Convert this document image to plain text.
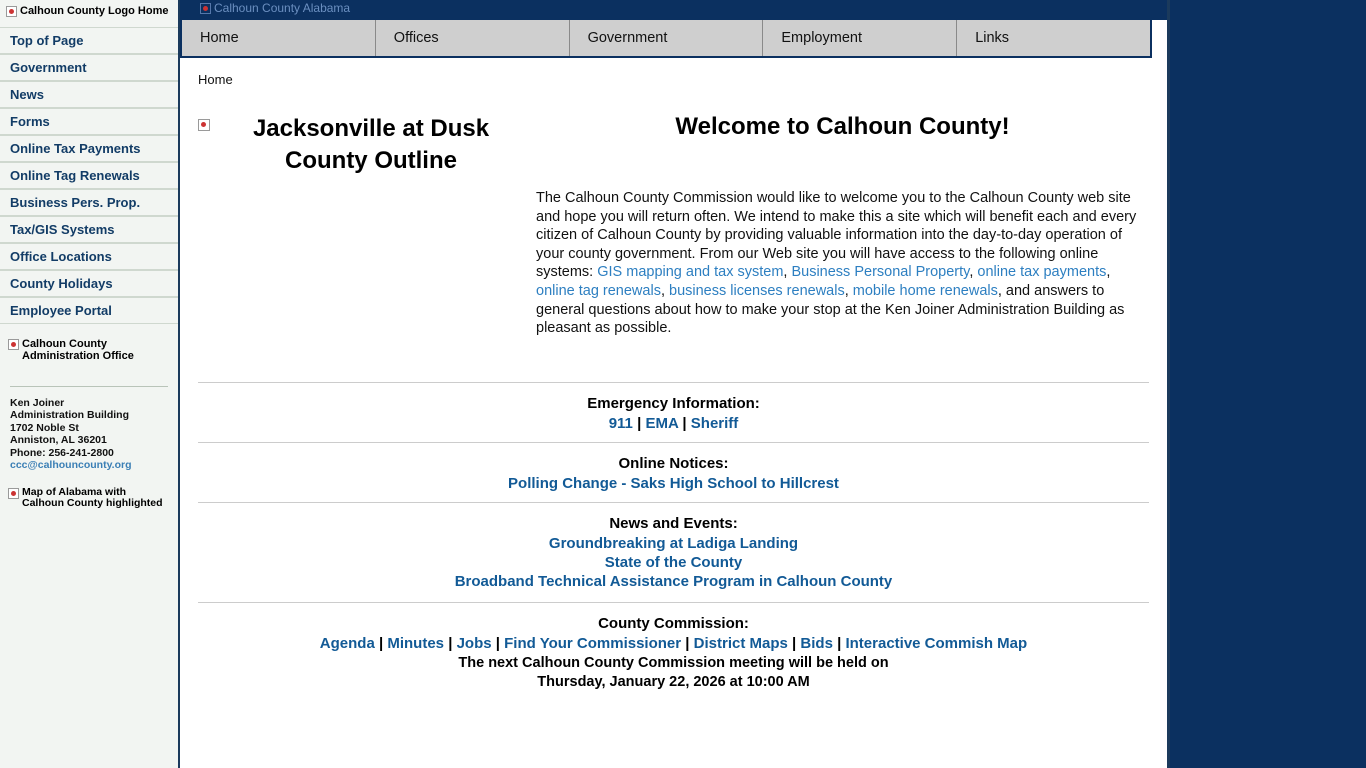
Calhoun County Logo Home
Top of Page
Government
News
Forms
Online Tax Payments
Online Tag Renewals
Business Pers. Prop.
Tax/GIS Systems
Office Locations
County Holidays
Employee Portal
Calhoun County Administration Office
Ken Joiner
Administration Building
1702 Noble St
Anniston, AL 36201
Phone: 256-241-2800
ccc@calhouncounty.org
Map of Alabama with Calhoun County highlighted
Calhoun County Alabama
Home	Offices	Government	Employment	Links
Home
Jacksonville at Dusk County Outline
Welcome to Calhoun County!

The Calhoun County Commission would like to welcome you to the Calhoun County web site and hope you will return often. We intend to make this a site which will benefit each and every citizen of Calhoun County by providing valuable information into the day-to-day operation of your county government. From our Web site you will have access to the following online systems: GIS mapping and tax system, Business Personal Property, online tax payments, online tag renewals, business licenses renewals, mobile home renewals, and answers to general questions about how to make your stop at the Ken Joiner Administration Building as pleasant as possible.

Emergency Information:
911 | EMA | Sheriff
Online Notices:
Polling Change - Saks High School to Hillcrest
News and Events:
Groundbreaking at Ladiga Landing
State of the County
Broadband Technical Assistance Program in Calhoun County
County Commission:
Agenda | Minutes | Jobs | Find Your Commissioner | District Maps | Bids | Interactive Commish Map
The next Calhoun County Commission meeting will be held on
Thursday, January 22, 2026 at 10:00 AM
